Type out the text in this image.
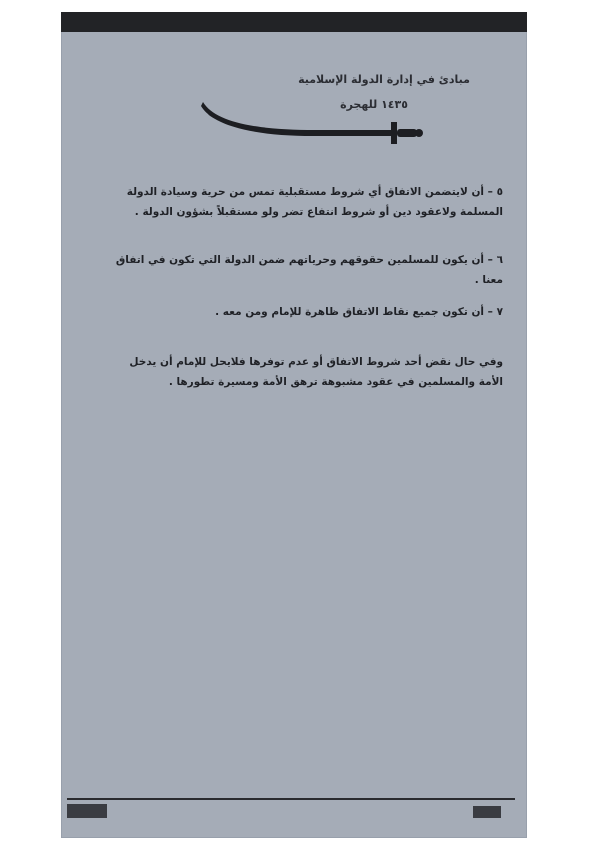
مبادئ في إدارة الدولة الإسلامية
١٤٣٥ للهجرة
٥ – أن لايتضمن الاتفاق أي شروط مستقبلية تمس من حرية وسيادة الدولة المسلمة ولاعقود دين أو شروط انتفاع تضر ولو مستقبلاً بشؤون الدولة .
٦ – أن يكون للمسلمين حقوقهم وحرياتهم ضمن الدولة التي تكون في اتفاق معنا .
٧ – أن تكون جميع نقاط الاتفاق ظاهرة للإمام ومن معه .
وفي حال نقض أحد شروط الاتفاق أو عدم توفرها فلايحل للإمام أن يدخل الأمة والمسلمين في عقود مشبوهة ترهق الأمة ومسيرة تطورها .
